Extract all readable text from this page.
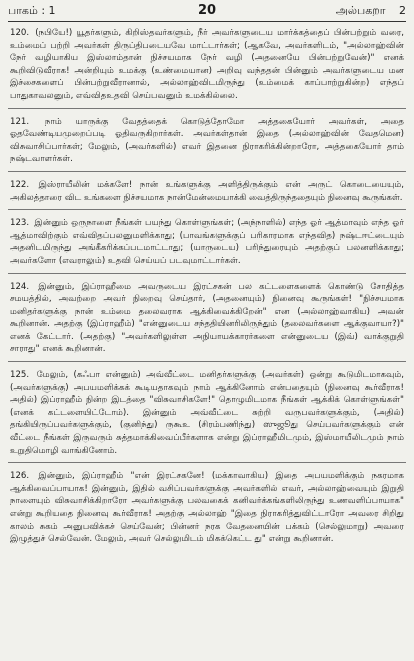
பாகம் : 1	20	அல்பகறா 2

120. (நபியே!) யூதர்களும், கிறிஸ்தவர்களும், நீர் அவர்களுடைய மார்க்கத்தைப் பின்பற்றும் வரை, உம்மைப் பற்றி அவர்கள் திருப்திபடையவே மாட்டார்கள்; (ஆகவே, அவர்களிடம், "அல்லாஹ்வின் நேர் வழியாகிய இஸ்லாம்தான் நிச்சயமாக நேர் வழி (அதனையே பின்பற்றுவேன்)" எனக் கூறிவிடுவீராக! அன்றியும் உமக்கு (உண்மையான) அறிவு வந்ததன் பின்னும் அவர்களுடைய மன இச்சைகளைப் பின்பற்றுவீரானால், அல்லாஹ்விடமிருந்து (உம்மைக் காப்பாற்றுகின்ற) எந்தப் பாதுகாவலனும், எவ்விதஉதவி செய்பவனும் உமக்கில்லை.

121. நாம் யாருக்கு வேதத்தைக் கொடுத்தோமோ அத்தகையோர் அவர்கள், அதை ஓதவேண்டியமுறைப்படி ஓதிவருகிறார்கள். அவர்கள்தான் இதை (அல்லாஹ்வின் வேதமென) விசுவாசிப்பார்கள்; மேலும், (அவர்களில்) எவர் இதனை நிராகரிக்கின்றாரோ, அத்தகையோர் தாம் நஷ்டவாளர்கள்.

122. இஸ்ராயீலின் மக்களே! நான் உங்களுக்கு அளித்திருக்கும் என் அருட் கொடையையும், அகிலத்தாரை விட உங்களை நிச்சயமாக நான்மேன்மையாக்கி வைத்திருந்ததையும் நினைவு கூருங்கள்.

123. இன்னும் ஒருநாளை நீங்கள் பயந்து கொள்ளுங்கள்; (அந்நாளில்) எந்த ஓர் ஆத்மாவும் எந்த ஓர் ஆத்மாவிற்கும் எவ்விதப்பலனுமளிக்காது; (பாவங்களுக்குப் பரிகாரமாக எந்தவித) நஷ்டஈட்டையும் அதனிடமிருந்து அங்கீகரிக்கப்படமாட்டாது; (யாருடைய) பரிந்துரையும் அதற்குப் பலனளிக்காது; அவர்களோ (எவராலும்) உதவி செய்யப் படவுமாட்டார்கள்.

124. இன்னும், இப்ராஹீமை அவருடைய இரட்சகன் பல கட்டளைகளைக் கொண்டு சோதித்த சமயத்தில், அவற்றை அவர் நிறைவு செய்தார், (அதனையும்) நினைவு கூருங்கள்! "நிச்சயமாக மனிதர்களுக்கு நான் உம்மை தலைவராக ஆக்கிவைக்கிறேன்" என (அல்லாஹ்வாகிய) அவன் கூறினான். அதற்கு (இப்ராஹீம்) "என்னுடைய சந்ததியினரிலிருந்தும் (தலைவர்களை ஆக்குவாயா?)" எனக் கேட்டார். (அதற்கு) "அவர்களிலுள்ள அநியாயக்காரர்களை என்னுடைய (இவ்) வாக்குறுதி சாராது" எனக் கூறினான்.

125. மேலும், (கஃபா என்னும்) அவ்வீட்டை மனிதர்களுக்கு (அவர்கள்) ஒன்று கூடுமிடமாகவும், (அவர்களுக்கு) அபயமளிக்கக் கூடியதாகவும் நாம் ஆக்கினோம் என்பதையும் (நினைவு கூர்வீராக! அதில்) இப்ராஹீம் நின்ற இடத்தை "விசுவாசிகளே!" தொழுமிடமாக நீங்கள் ஆக்கிக் கொள்ளுங்கள்" (எனக் கட்டளையிட்டோம்). இன்னும் அவ்வீட்டை சுற்றி வருபவர்களுக்கும், (அதில்) தங்கியிருப்பவர்களுக்கும், (குனிந்து) ருகூஉ (சிரம்பணிந்து) ஸுஜூது செய்பவர்களுக்கும் என் வீட்டை நீங்கள் இருவரும் சுத்தமாக்கிவைப்பீர்களாக என்று இப்ராஹீமிடமும், இஸ்மாயீலிடமும் நாம் உறுதிமொழி வாங்கினோம்.

126. இன்னும், இப்ராஹீம் "என் இரட்சகனே! (மக்காவாகிய) இதை அபயமளிக்கும் நகரமாக ஆக்கிவைப்பாயாக! இன்னும், இதில் வசிப்பவர்களுக்கு அவர்களில் எவர், அல்லாஹ்வையும் இறுதி நாளையும் விசுவாசிக்கிறாரோ அவர்களுக்கு பலவகைக் கனிவர்க்கங்களிலிருந்து உணவளிப்பாயாக" என்று கூறியதை நினைவு கூர்வீராக! அதற்கு அல்லாஹ் "இதை நிராகரித்துவிட்டாரோ அவரை சிறிது காலம் சுகம் அனுபவிக்கச் செய்வேன்; பின்னர் நரக வேதனையின் பக்கம் (செல்லுமாறு) அவரை இழுத்துச் செல்வேன். மேலும், அவர் செல்லுமிடம் மிகக்கெட்ட து" என்று கூறினான்.
